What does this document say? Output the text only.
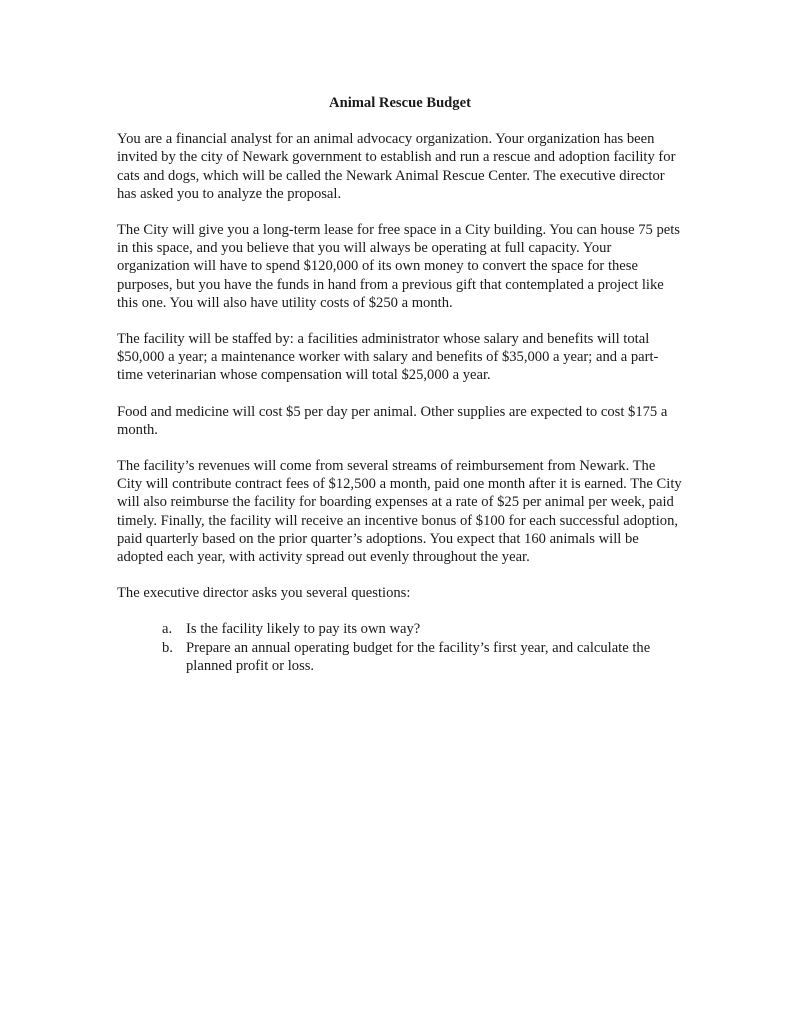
Animal Rescue Budget

You are a financial analyst for an animal advocacy organization. Your organization has been invited by the city of Newark government to establish and run a rescue and adoption facility for cats and dogs, which will be called the Newark Animal Rescue Center. The executive director has asked you to analyze the proposal.

The City will give you a long-term lease for free space in a City building. You can house 75 pets in this space, and you believe that you will always be operating at full capacity. Your organization will have to spend $120,000 of its own money to convert the space for these purposes, but you have the funds in hand from a previous gift that contemplated a project like this one. You will also have utility costs of $250 a month.

The facility will be staffed by: a facilities administrator whose salary and benefits will total $50,000 a year; a maintenance worker with salary and benefits of $35,000 a year; and a part-time veterinarian whose compensation will total $25,000 a year.

Food and medicine will cost $5 per day per animal. Other supplies are expected to cost $175 a month.

The facility’s revenues will come from several streams of reimbursement from Newark. The City will contribute contract fees of $12,500 a month, paid one month after it is earned. The City will also reimburse the facility for boarding expenses at a rate of $25 per animal per week, paid timely. Finally, the facility will receive an incentive bonus of $100 for each successful adoption, paid quarterly based on the prior quarter’s adoptions. You expect that 160 animals will be adopted each year, with activity spread out evenly throughout the year.

The executive director asks you several questions:

a. Is the facility likely to pay its own way?
b. Prepare an annual operating budget for the facility’s first year, and calculate the planned profit or loss.
